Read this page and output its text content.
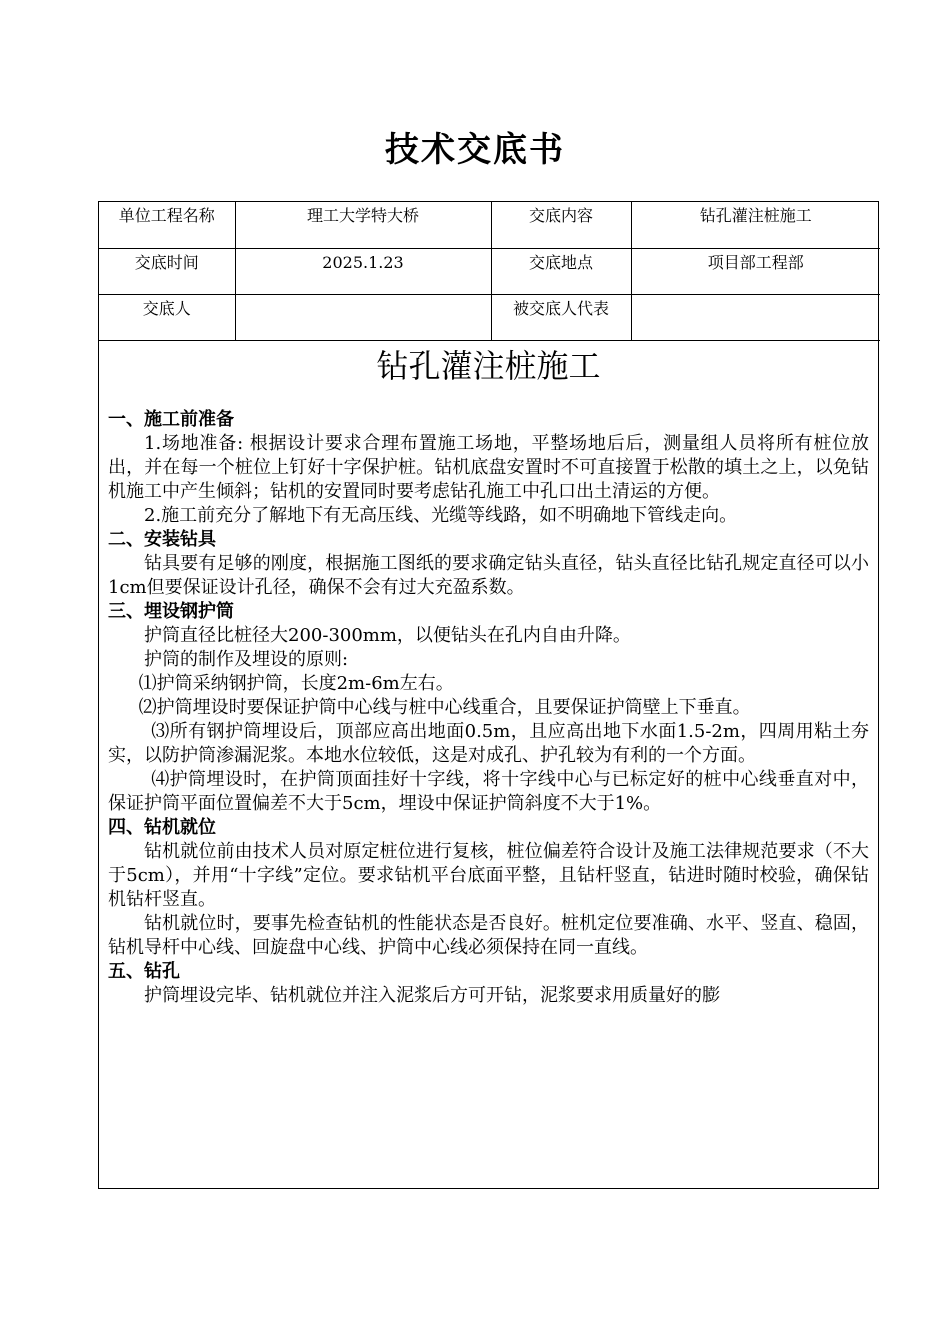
技术交底书
单位工程名称	理工大学特大桥	交底内容	钻孔灌注桩施工
交底时间	2025.1.23	交底地点	项目部工程部
交底人		被交底人代表	
钻孔灌注桩施工
一、施工前准备

1.场地准备: 根据设计要求合理布置施工场地，平整场地后后，测量组人员将所有桩位放出，并在每一个桩位上钉好十字保护桩。钻机底盘安置时不可直接置于松散的填土之上，以免钻机施工中产生倾斜；钻机的安置同时要考虑钻孔施工中孔口出土清运的方便。

2.施工前充分了解地下有无高压线、光缆等线路，如不明确地下管线走向。

二、安装钻具

钻具要有足够的刚度，根据施工图纸的要求确定钻头直径，钻头直径比钻孔规定直径可以小1cm但要保证设计孔径，确保不会有过大充盈系数。

三、埋设钢护筒

护筒直径比桩径大200-300mm，以便钻头在孔内自由升降。

护筒的制作及埋设的原则:

⑴护筒采纳钢护筒，长度2m-6m左右。

⑵护筒埋设时要保证护筒中心线与桩中心线重合，且要保证护筒壁上下垂直。

⑶所有钢护筒埋设后，顶部应高出地面0.5m，且应高出地下水面1.5-2m，四周用粘土夯实，以防护筒渗漏泥浆。本地水位较低，这是对成孔、护孔较为有利的一个方面。

⑷护筒埋设时，在护筒顶面挂好十字线，将十字线中心与已标定好的桩中心线垂直对中，保证护筒平面位置偏差不大于5cm，埋设中保证护筒斜度不大于1%。

四、钻机就位

钻机就位前由技术人员对原定桩位进行复核，桩位偏差符合设计及施工法律规范要求（不大于5cm），并用“十字线”定位。要求钻机平台底面平整，且钻杆竖直，钻进时随时校验，确保钻机钻杆竖直。

钻机就位时，要事先检查钻机的性能状态是否良好。桩机定位要准确、水平、竖直、稳固，钻机导杆中心线、回旋盘中心线、护筒中心线必须保持在同一直线。

五、钻孔

护筒埋设完毕、钻机就位并注入泥浆后方可开钻，泥浆要求用质量好的膨
